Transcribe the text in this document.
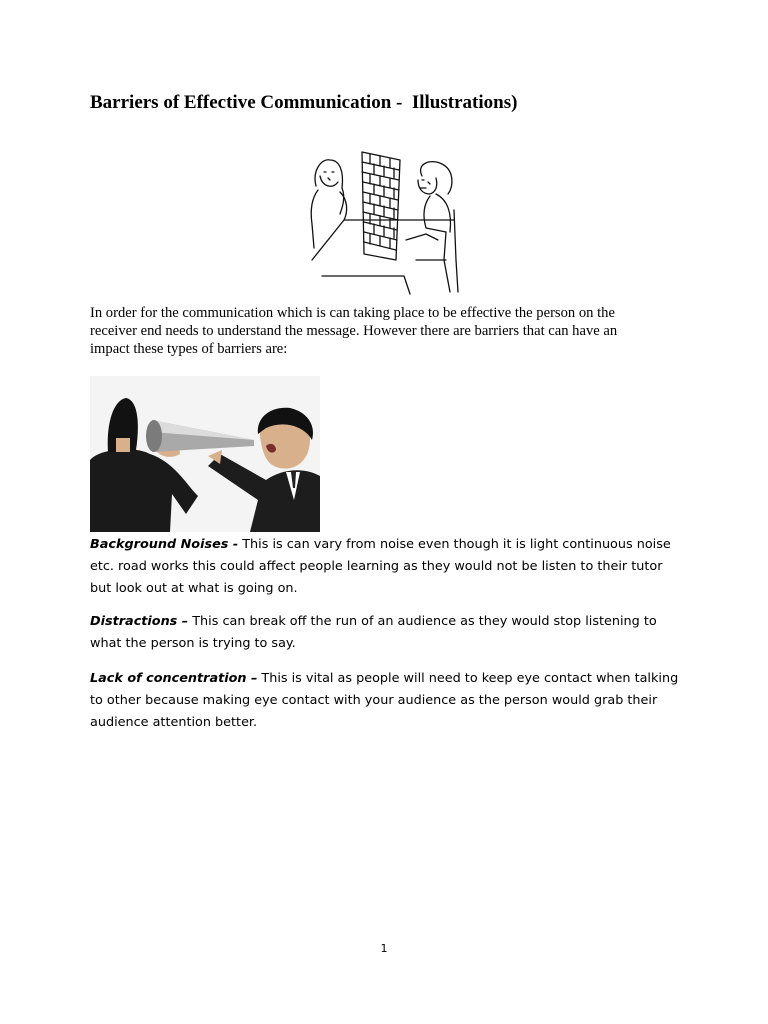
Barriers of Effective Communication -  Illustrations)
In order for the communication which is can taking place to be effective the person on the receiver end needs to understand the message. However there are barriers that can have an impact these types of barriers are:
Background Noises - This is can vary from noise even though it is light continuous noise etc. road works this could affect people learning as they would not be listen to their tutor but look out at what is going on.
Distractions – This can break off the run of an audience as they would stop listening to what the person is trying to say.
Lack of concentration – This is vital as people will need to keep eye contact when talking to other because making eye contact with your audience as the person would grab their audience attention better.
1
